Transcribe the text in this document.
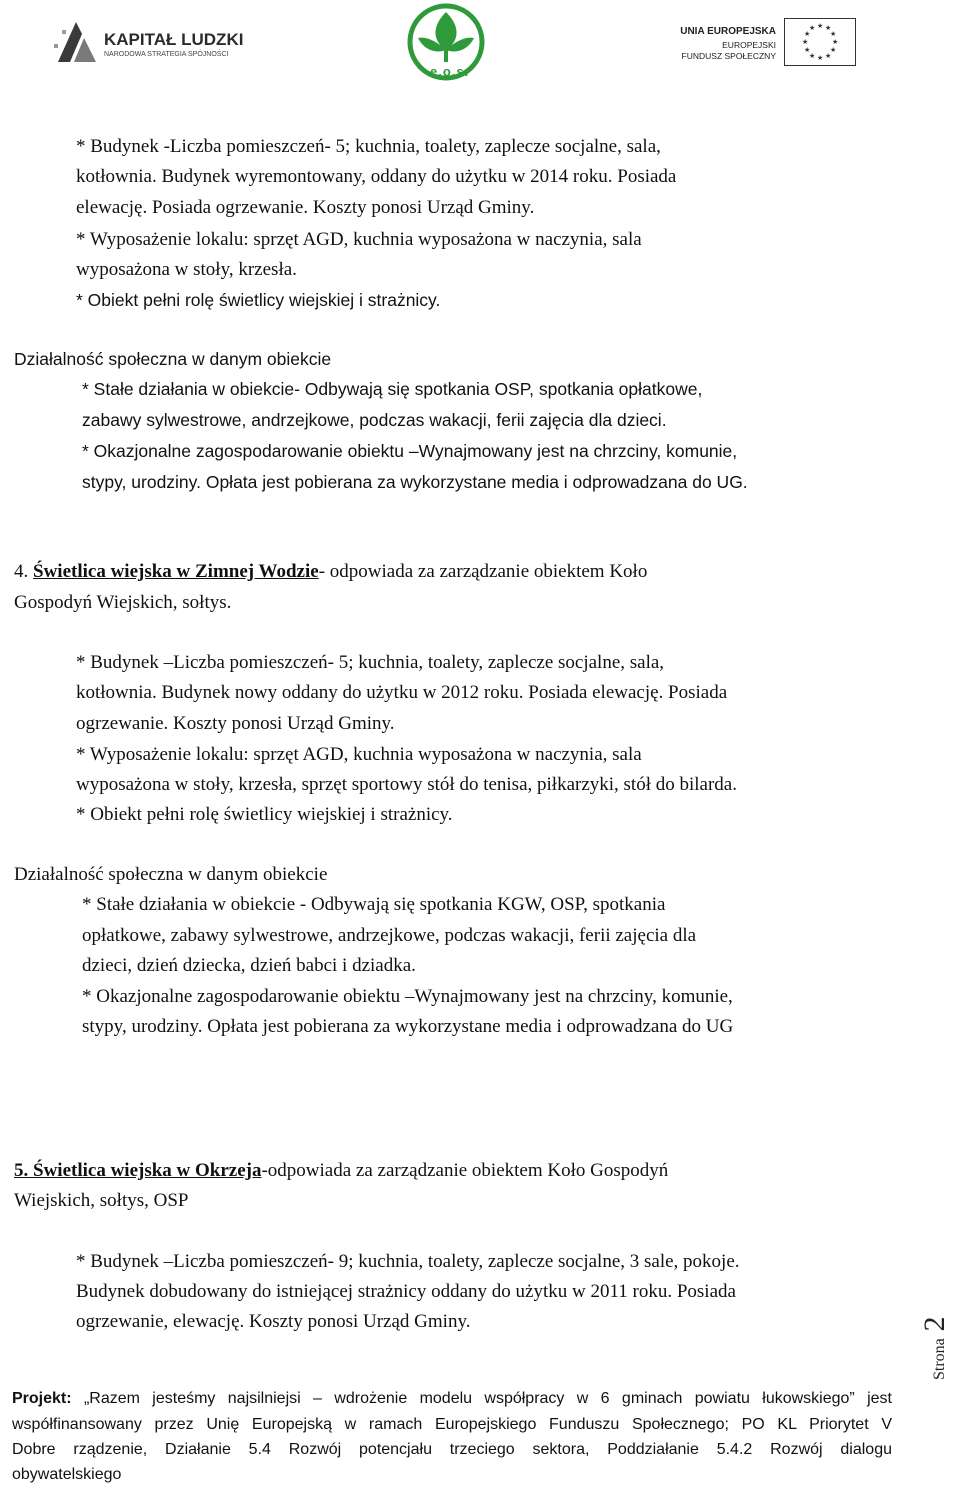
KAPITAŁ LUDZKI
NARODOWA STRATEGIA SPÓJNOŚCI
e.o.s.
UNIA EUROPEJSKA
EUROPEJSKI
FUNDUSZ SPOŁECZNY
★ ★
★
★
★
★
★
★
★
★
★
★
* Budynek -Liczba pomieszczeń- 5; kuchnia, toalety, zaplecze socjalne, sala,
kotłownia. Budynek wyremontowany, oddany do użytku w 2014 roku. Posiada
elewację. Posiada ogrzewanie. Koszty ponosi Urząd Gminy.
* Wyposażenie lokalu: sprzęt AGD, kuchnia wyposażona w naczynia, sala
wyposażona w stoły, krzesła.
* Obiekt pełni rolę świetlicy wiejskiej i strażnicy.
Działalność społeczna w danym obiekcie
* Stałe działania w obiekcie- Odbywają się spotkania OSP, spotkania opłatkowe,
zabawy sylwestrowe, andrzejkowe, podczas wakacji, ferii zajęcia dla dzieci.
* Okazjonalne zagospodarowanie obiektu –Wynajmowany jest na chrzciny, komunie,
stypy, urodziny. Opłata jest pobierana za wykorzystane media i odprowadzana do UG.
4. Świetlica wiejska w Zimnej Wodzie- odpowiada za zarządzanie obiektem Koło
Gospodyń Wiejskich, sołtys.
* Budynek –Liczba pomieszczeń- 5; kuchnia, toalety, zaplecze socjalne, sala,
kotłownia. Budynek nowy oddany do użytku w 2012 roku. Posiada elewację. Posiada
ogrzewanie. Koszty ponosi Urząd Gminy.
* Wyposażenie lokalu: sprzęt AGD, kuchnia wyposażona w naczynia, sala
wyposażona w stoły, krzesła, sprzęt sportowy stół do tenisa, piłkarzyki, stół do bilarda.
* Obiekt pełni rolę świetlicy wiejskiej i strażnicy.
Działalność społeczna w danym obiekcie
* Stałe działania w obiekcie - Odbywają się spotkania KGW, OSP, spotkania
opłatkowe, zabawy sylwestrowe, andrzejkowe, podczas wakacji, ferii zajęcia dla
dzieci, dzień dziecka, dzień babci i dziadka.
* Okazjonalne zagospodarowanie obiektu –Wynajmowany jest na chrzciny, komunie,
stypy, urodziny. Opłata jest pobierana za wykorzystane media i odprowadzana do UG
5. Świetlica wiejska w Okrzeja-odpowiada za zarządzanie obiektem Koło Gospodyń
Wiejskich, sołtys, OSP
* Budynek –Liczba pomieszczeń- 9; kuchnia, toalety, zaplecze socjalne, 3 sale, pokoje.
Budynek dobudowany do istniejącej strażnicy oddany do użytku w 2011 roku. Posiada
ogrzewanie, elewację. Koszty ponosi Urząd Gminy.
Strona 2
Projekt: „Razem jesteśmy najsilniejsi – wdrożenie modelu współpracy w 6 gminach powiatu łukowskiego” jest
współfinansowany przez Unię Europejską w ramach Europejskiego Funduszu Społecznego; PO KL Priorytet V
Dobre rządzenie, Działanie 5.4 Rozwój potencjału trzeciego sektora, Poddziałanie 5.4.2 Rozwój dialogu
obywatelskiego
